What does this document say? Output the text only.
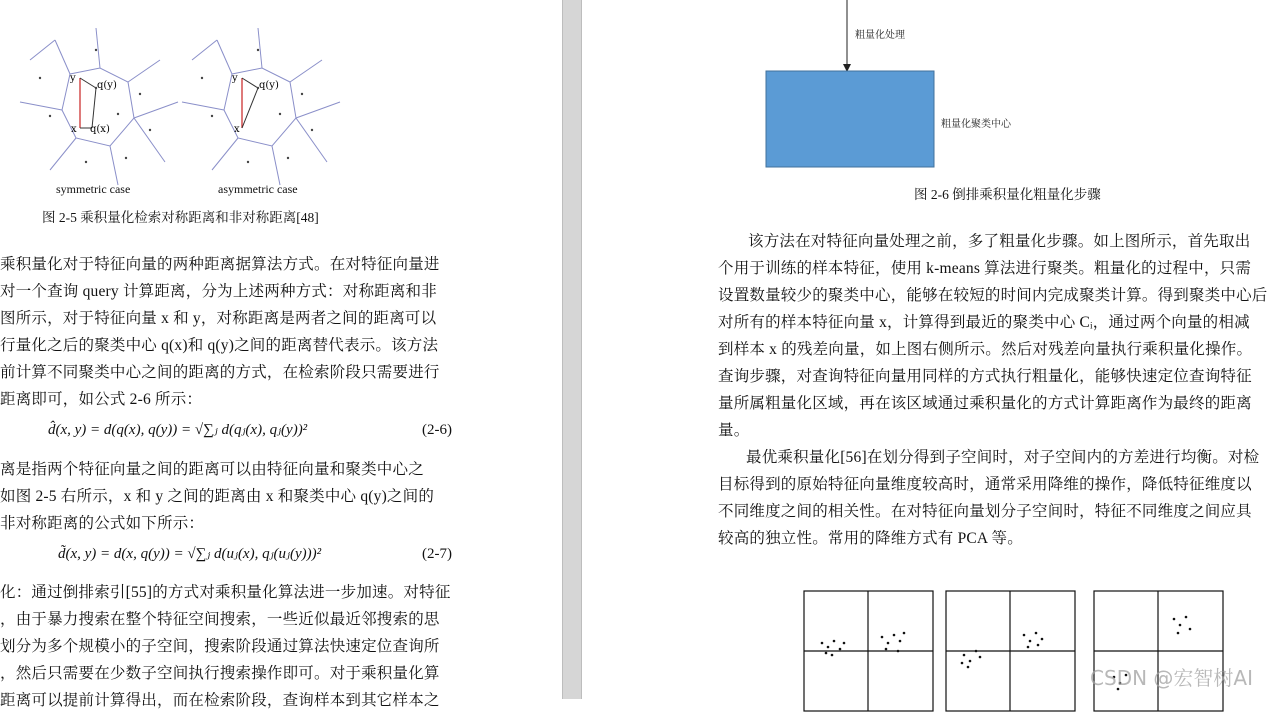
y
q(y)
x q(x)
y
q(y)
x
symmetric case	asymmetric case
图 2-5 乘积量化检索对称距离和非对称距离[48]
乘积量化对于特征向量的两种距离据算法方式。在对特征向量进
对一个查询 query 计算距离，分为上述两种方式：对称距离和非
图所示，对于特征向量 x 和 y，对称距离是两者之间的距离可以
行量化之后的聚类中心 q(x)和 q(y)之间的距离替代表示。该方法
前计算不同聚类中心之间的距离的方式，在检索阶段只需要进行
距离即可，如公式 2-6 所示：
d̂(x, y) = d(q(x), q(y)) = √∑ⱼ d(qⱼ(x), qⱼ(y))²	(2-6)
离是指两个特征向量之间的距离可以由特征向量和聚类中心之
如图 2-5 右所示，x 和 y 之间的距离由 x 和聚类中心 q(y)之间的
非对称距离的公式如下所示：
d̃(x, y) = d(x, q(y)) = √∑ⱼ d(uⱼ(x), qⱼ(uⱼ(y)))²	(2-7)
化：通过倒排索引[55]的方式对乘积量化算法进一步加速。对特征
，由于暴力搜索在整个特征空间搜索，一些近似最近邻搜索的思
划分为多个规模小的子空间，搜索阶段通过算法快速定位查询所
，然后只需要在少数子空间执行搜索操作即可。对于乘积量化算
距离可以提前计算得出，而在检索阶段，查询样本到其它样本之
粗量化处理
粗量化聚类中心
图 2-6 倒排乘积量化粗量化步骤
该方法在对特征向量处理之前，多了粗量化步骤。如上图所示，首先取出
个用于训练的样本特征，使用 k-means 算法进行聚类。粗量化的过程中，只需
设置数量较少的聚类中心，能够在较短的时间内完成聚类计算。得到聚类中心后
对所有的样本特征向量 x，计算得到最近的聚类中心 Cᵢ，通过两个向量的相减
到样本 x 的残差向量，如上图右侧所示。然后对残差向量执行乘积量化操作。
查询步骤，对查询特征向量用同样的方式执行粗量化，能够快速定位查询特征
量所属粗量化区域，再在该区域通过乘积量化的方式计算距离作为最终的距离
量。
最优乘积量化[56]在划分得到子空间时，对子空间内的方差进行均衡。对检
目标得到的原始特征向量维度较高时，通常采用降维的操作，降低特征维度以
不同维度之间的相关性。在对特征向量划分子空间时，特征不同维度之间应具
较高的独立性。常用的降维方式有 PCA 等。
CSDN @宏智树AI
